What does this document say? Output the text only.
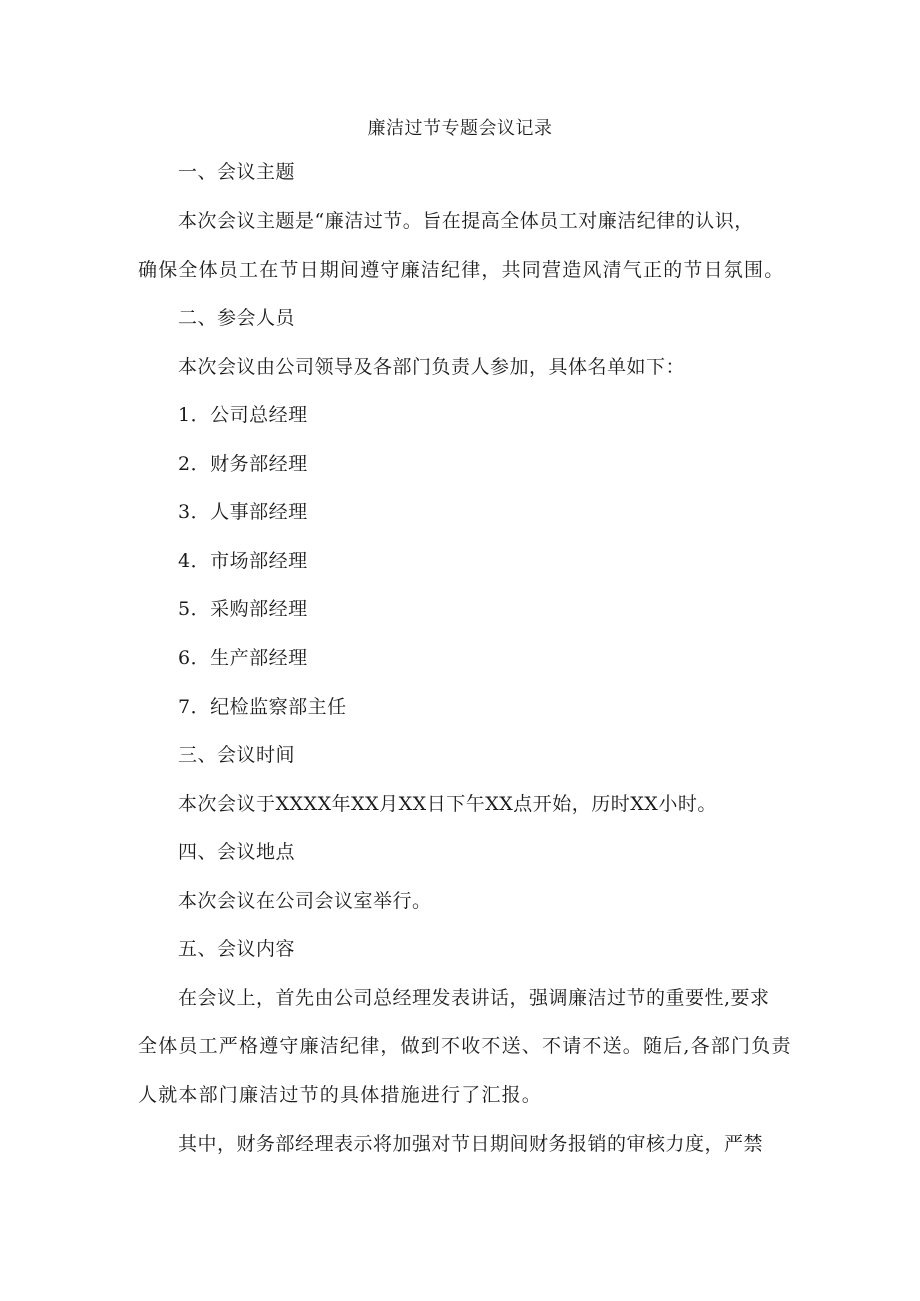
廉洁过节专题会议记录
一、会议主题
本次会议主题是“廉洁过节。旨在提高全体员工对廉洁纪律的认识，
确保全体员工在节日期间遵守廉洁纪律，共同营造风清气正的节日氛围。
二、参会人员
本次会议由公司领导及各部门负责人参加，具体名单如下：
1．公司总经理
2．财务部经理
3．人事部经理
4．市场部经理
5．采购部经理
6．生产部经理
7．纪检监察部主任
三、会议时间
本次会议于XXXX年XX月XX日下午XX点开始，历时XX小时。
四、会议地点
本次会议在公司会议室举行。
五、会议内容
在会议上，首先由公司总经理发表讲话，强调廉洁过节的重要性,要求
全体员工严格遵守廉洁纪律，做到不收不送、不请不送。随后,各部门负责
人就本部门廉洁过节的具体措施进行了汇报。
其中，财务部经理表示将加强对节日期间财务报销的审核力度，严禁
